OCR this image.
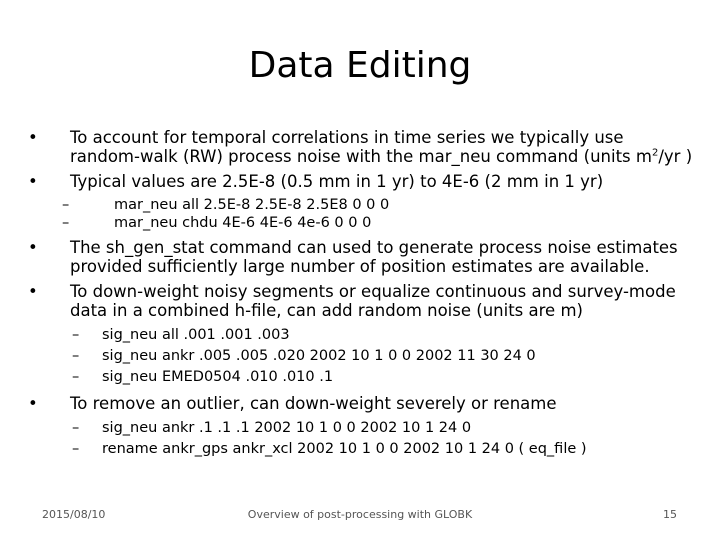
Data Editing
•	To account for temporal correlations in time series we typically use random-walk (RW) process noise with the mar_neu command (units $m^2/yr$ )
•	Typical values are 2.5E-8 (0.5 mm in 1 yr) to 4E-6 (2 mm in 1 yr)
–	mar_neu all 2.5E-8 2.5E-8 2.5E8 0 0 0
–	mar_neu chdu 4E-6 4E-6 4e-6 0 0 0
•	The sh_gen_stat command can used to generate process noise estimates provided sufficiently large number of position estimates are available.
•	To down-weight noisy segments or equalize continuous and survey-mode data in a combined h-file, can add random noise (units are m)
– sig_neu all .001 .001 .003
– sig_neu ankr .005 .005 .020 2002 10 1 0 0 2002 11 30 24 0
– sig_neu EMED0504 .010 .010 .1
•	To remove an outlier, can down-weight severely or rename
– sig_neu ankr .1 .1 .1 2002 10 1 0 0 2002 10 1 24 0
– rename ankr_gps ankr_xcl 2002 10 1 0 0 2002 10 1 24 0 ( eq_file )
2015/08/10	Overview of post-processing with GLOBK	15
